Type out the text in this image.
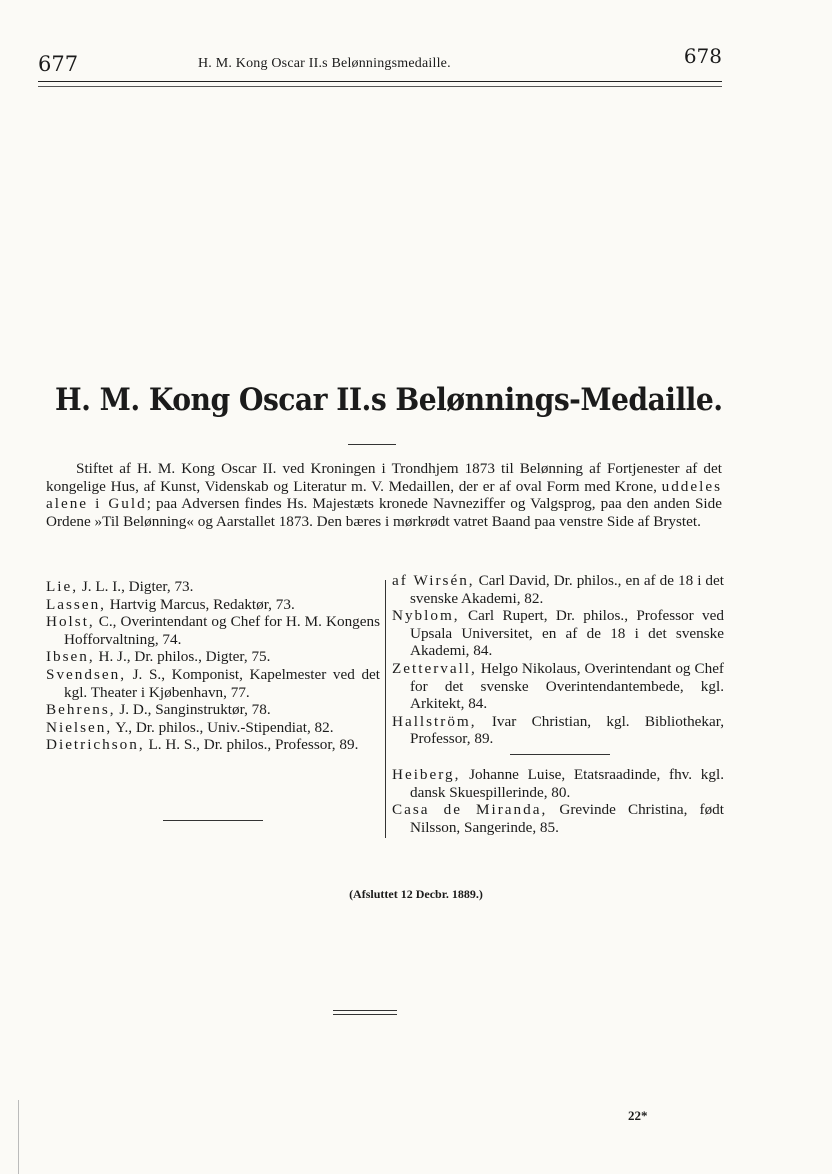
677	H. M. Kong Oscar II.s Belønningsmedaille.	678
H. M. Kong Oscar II.s Belønnings-Medaille.

Stiftet af H. M. Kong Oscar II. ved Kroningen i Trondhjem 1873 til Belønning af Fortjenester af det kongelige Hus, af Kunst, Videnskab og Literatur m. V. Medaillen, der er af oval Form med Krone, uddeles alene i Guld; paa Adversen findes Hs. Majestæts kronede Navneziffer og Valgsprog, paa den anden Side Ordene »Til Belønning« og Aarstallet 1873. Den bæres i mørkrødt vatret Baand paa venstre Side af Brystet.

Lie, J. L. I., Digter, 73.
Lassen, Hartvig Marcus, Redaktør, 73.
Holst, C., Overintendant og Chef for H. M. Kongens Hofforvaltning, 74.
Ibsen, H. J., Dr. philos., Digter, 75.
Svendsen, J. S., Komponist, Kapelmester ved det kgl. Theater i Kjøbenhavn, 77.
Behrens, J. D., Sanginstruktør, 78.
Nielsen, Y., Dr. philos., Univ.-Stipendiat, 82.
Dietrichson, L. H. S., Dr. philos., Professor, 89.
af Wirsén, Carl David, Dr. philos., en af de 18 i det svenske Akademi, 82.
Nyblom, Carl Rupert, Dr. philos., Professor ved Upsala Universitet, en af de 18 i det svenske Akademi, 84.
Zettervall, Helgo Nikolaus, Overintendant og Chef for det svenske Overintendantembede, kgl. Arkitekt, 84.
Hallström, Ivar Christian, kgl. Bibliothekar, Professor, 89.
Heiberg, Johanne Luise, Etatsraadinde, fhv. kgl. dansk Skuespillerinde, 80.
Casa de Miranda, Grevinde Christina, født Nilsson, Sangerinde, 85.
(Afsluttet 12 Decbr. 1889.)
22*
